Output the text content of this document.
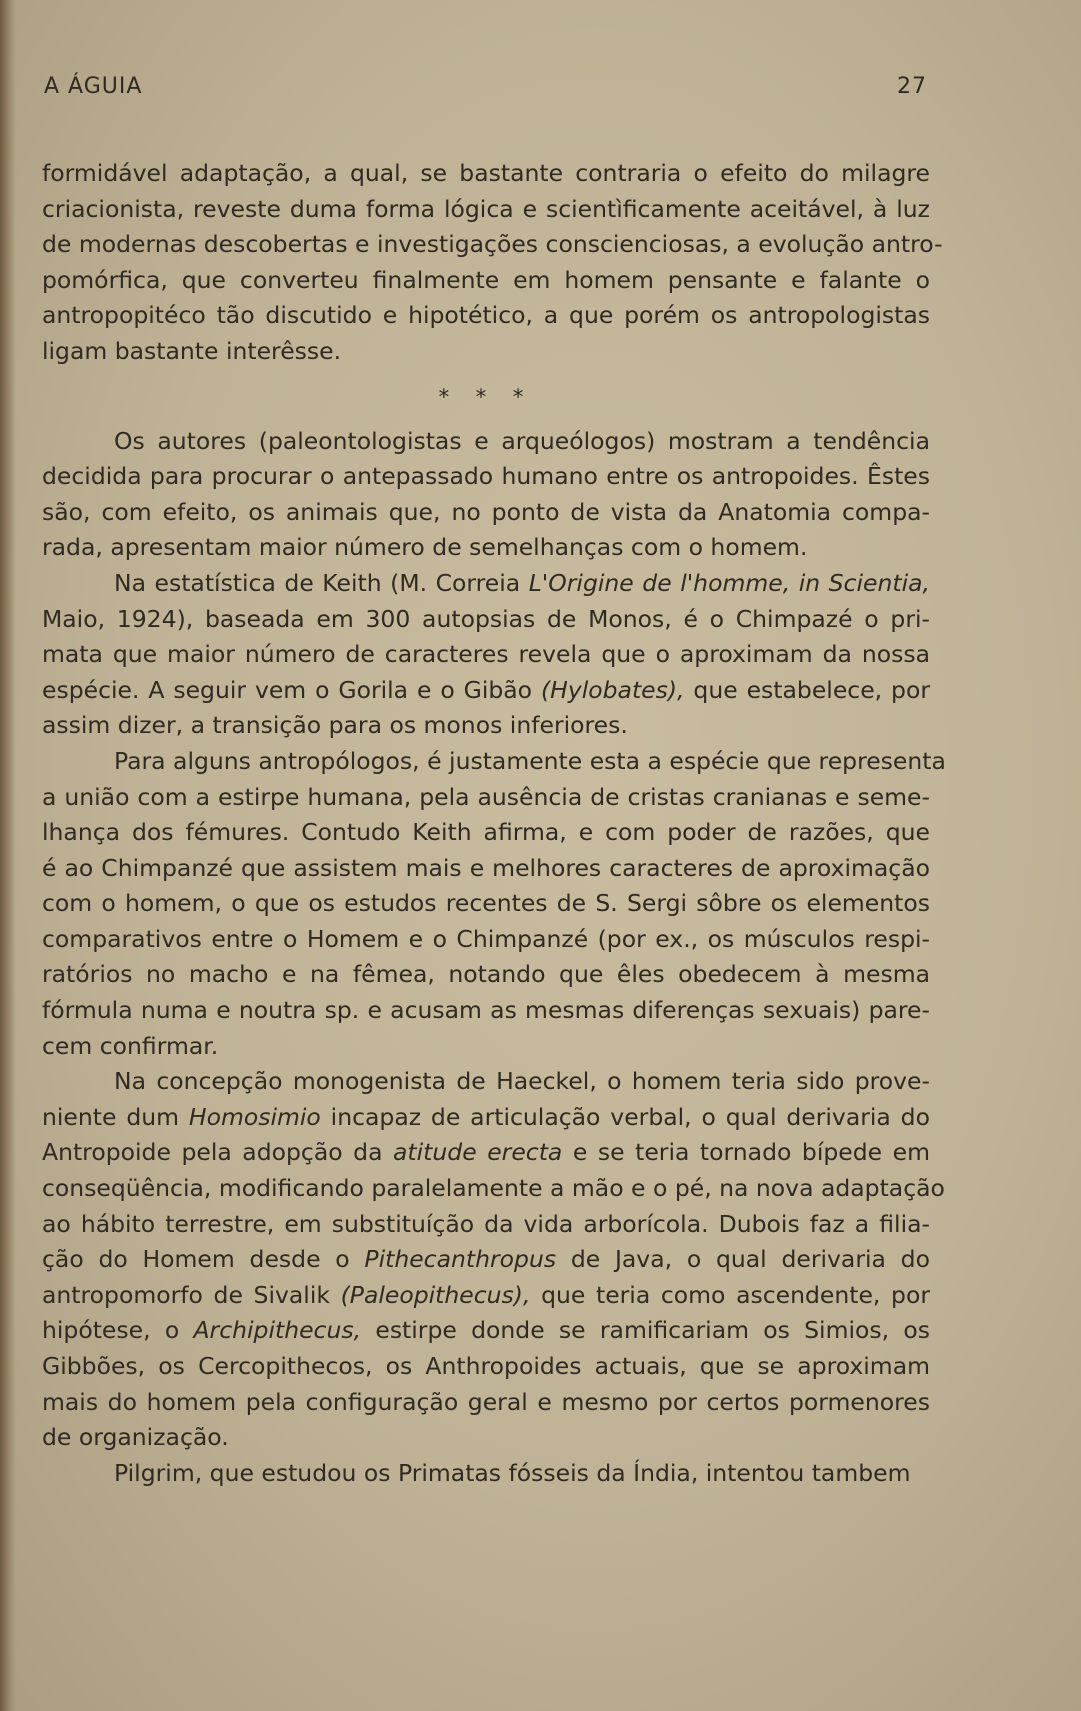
A ÁGUIA	27
formidável adaptação, a qual, se bastante contraria o efeito do milagre
criacionista, reveste duma forma lógica e scientìficamente aceitável, à luz
de modernas descobertas e investigações conscienciosas, a evolução antro-
pomórfica, que converteu finalmente em homem pensante e falante o
antropopitéco tão discutido e hipotético, a que porém os antropologistas
ligam bastante interêsse.
* * *
Os autores (paleontologistas e arqueólogos) mostram a tendência
decidida para procurar o antepassado humano entre os antropoides. Êstes
são, com efeito, os animais que, no ponto de vista da Anatomia compa-
rada, apresentam maior número de semelhanças com o homem.
Na estatística de Keith (M. Correia L'Origine de l'homme, in Scientia,
Maio, 1924), baseada em 300 autopsias de Monos, é o Chimpazé o pri-
mata que maior número de caracteres revela que o aproximam da nossa
espécie. A seguir vem o Gorila e o Gibão (Hylobates), que estabelece, por
assim dizer, a transição para os monos inferiores.
Para alguns antropólogos, é justamente esta a espécie que representa
a união com a estirpe humana, pela ausência de cristas cranianas e seme-
lhança dos fémures. Contudo Keith afirma, e com poder de razões, que
é ao Chimpanzé que assistem mais e melhores caracteres de aproximação
com o homem, o que os estudos recentes de S. Sergi sôbre os elementos
comparativos entre o Homem e o Chimpanzé (por ex., os músculos respi-
ratórios no macho e na fêmea, notando que êles obedecem à mesma
fórmula numa e noutra sp. e acusam as mesmas diferenças sexuais) pare-
cem confirmar.
Na concepção monogenista de Haeckel, o homem teria sido prove-
niente dum Homosimio incapaz de articulação verbal, o qual derivaria do
Antropoide pela adopção da atitude erecta e se teria tornado bípede em
conseqüência, modificando paralelamente a mão e o pé, na nova adaptação
ao hábito terrestre, em substituíção da vida arborícola. Dubois faz a filia-
ção do Homem desde o Pithecanthropus de Java, o qual derivaria do
antropomorfo de Sivalik (Paleopithecus), que teria como ascendente, por
hipótese, o Archipithecus, estirpe donde se ramificariam os Simios, os
Gibbões, os Cercopithecos, os Anthropoides actuais, que se aproximam
mais do homem pela configuração geral e mesmo por certos pormenores
de organização.
Pilgrim, que estudou os Primatas fósseis da Índia, intentou tambem
